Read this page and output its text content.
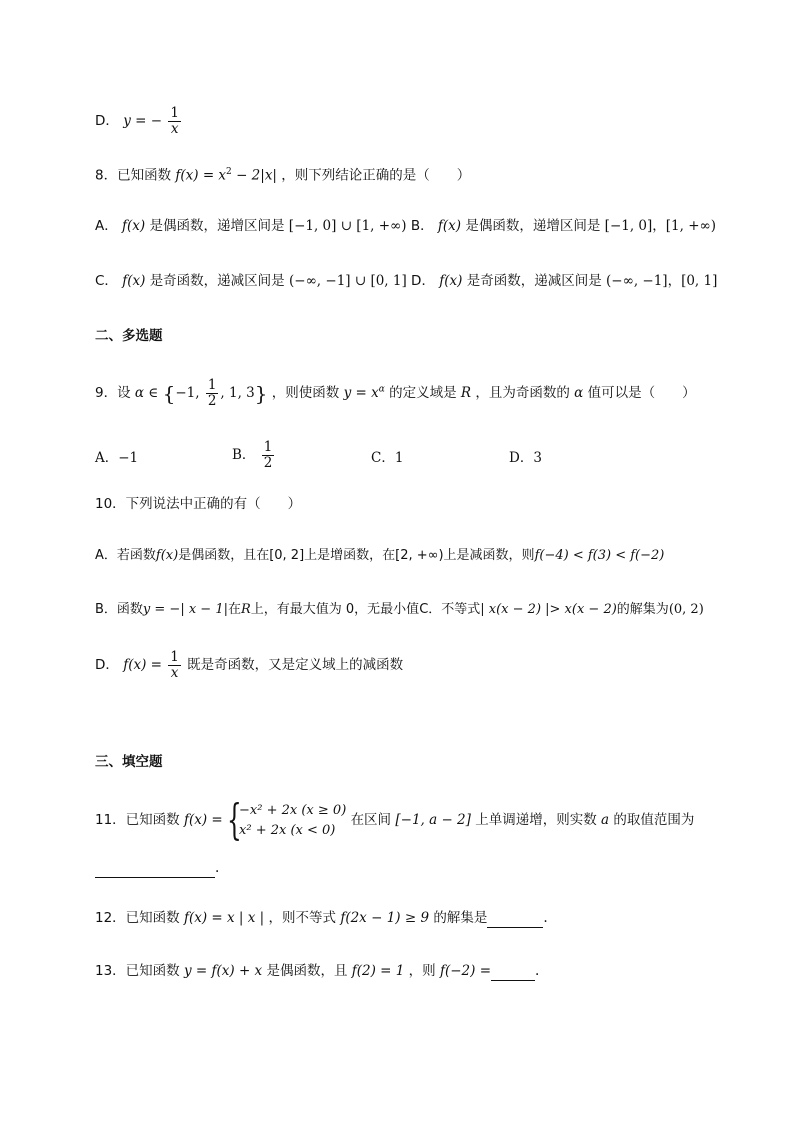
D． y = − $\frac{1}{x}$
8．已知函数 $f(x) = x^2 - 2|x|$ ，则下列结论正确的是（　　）
A． f(x) 是偶函数，递增区间是 [−1, 0] ∪ [1, +∞) B． f(x) 是偶函数，递增区间是 [−1, 0]，[1, +∞)
C． f(x) 是奇函数，递减区间是 (−∞, −1] ∪ [0, 1] D． f(x) 是奇函数，递减区间是 (−∞, −1]，[0, 1]
二、多选题
9．设 α ∈ {−1, $\frac{1}{2}$ , 1, 3} ，则使函数 $y = x^\alpha$ 的定义域是 R ，且为奇函数的 α 值可以是（　　）
A．−1	B． $\frac{1}{2}$	C．1	D．3
10．下列说法中正确的有（　　）
A．若函数f(x)是偶函数，且在[0, 2]上是增函数，在[2, +∞)上是减函数，则f(−4) < f(3) < f(−2)
B．函数y = −| x − 1|在R上，有最大值为 0，无最小值C．不等式| x(x − 2) |> x(x − 2)的解集为(0, 2)
D． $f(x) = \frac{1}{x}$ 既是奇函数，又是定义域上的减函数
三、填空题
11．已知函数 f(x) = {
−x² + 2x (x ≥ 0)
x² + 2x (x < 0)
在区间 [−1, a − 2] 上单调递增，则实数 a 的取值范围为
.
12．已知函数 f(x) = x | x | ，则不等式 f(2x − 1) ≥ 9 的解集是	.
13．已知函数 y = f(x) + x 是偶函数，且 f(2) = 1 ，则 f(−2) =	.
